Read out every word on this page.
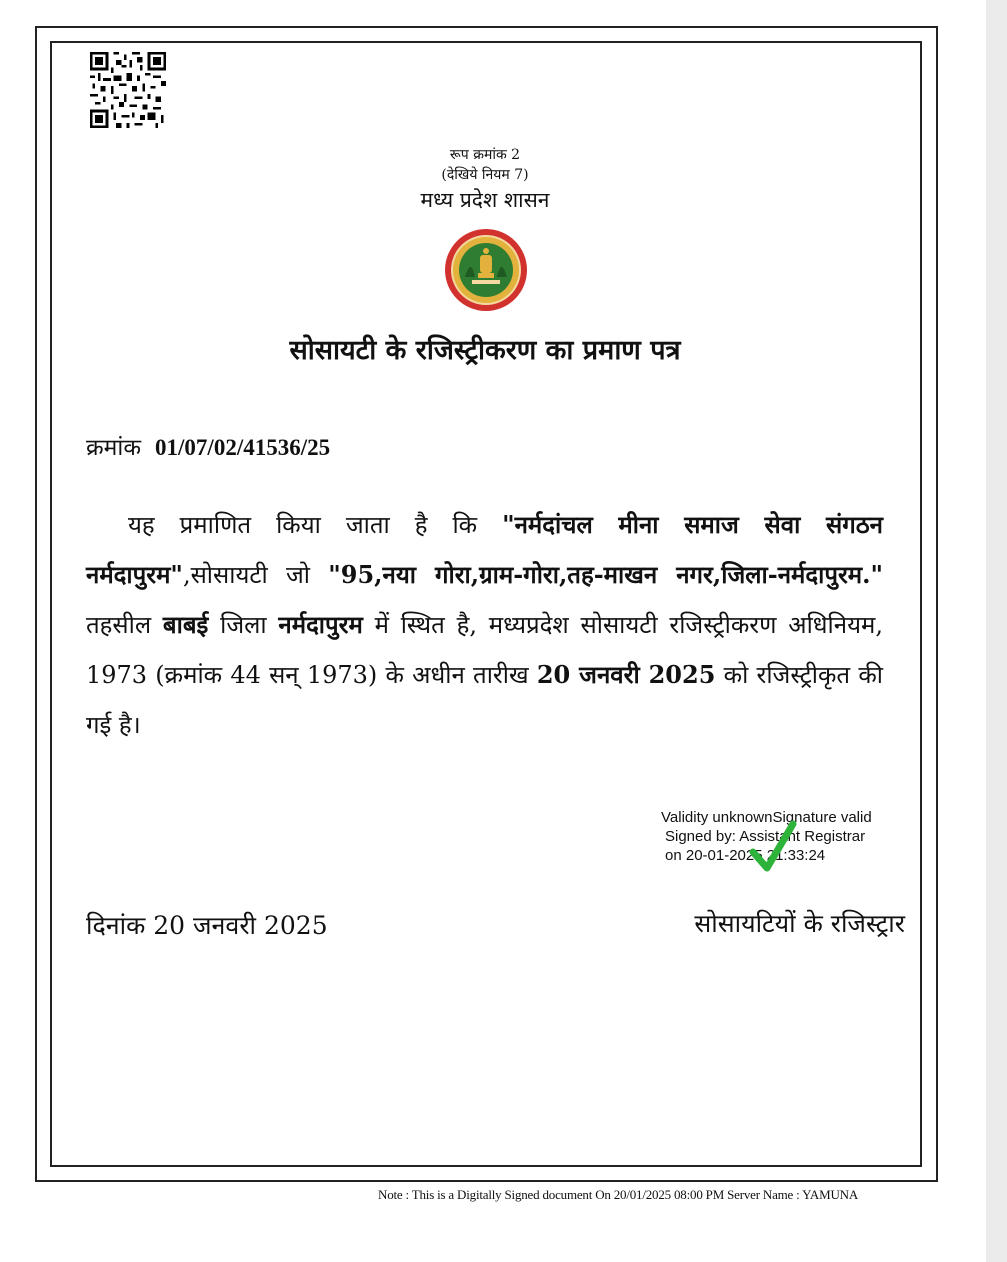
रूप क्रमांक 2
(देखिये नियम 7)
मध्य प्रदेश शासन
सोसायटी के रजिस्ट्रीकरण का प्रमाण पत्र
क्रमांक 01/07/02/41536/25
यह प्रमाणित किया जाता है कि "नर्मदांचल मीना समाज सेवा संगठन नर्मदापुरम",सोसायटी जो "95,नया गोरा,ग्राम-गोरा,तह-माखन नगर,जिला-नर्मदापुरम." तहसील बाबई जिला नर्मदापुरम में स्थित है, मध्यप्रदेश सोसायटी रजिस्ट्रीकरण अधिनियम, 1973 (क्रमांक 44 सन् 1973) के अधीन तारीख 20 जनवरी 2025 को रजिस्ट्रीकृत की गई है।
Validity unknownSignature valid
Signed by: Assistant Registrar
on 20-01-2025 21:33:24
दिनांक 20 जनवरी 2025	सोसायटियों के रजिस्ट्रार
Note : This is a Digitally Signed document On 20/01/2025 08:00 PM Server Name : YAMUNA
